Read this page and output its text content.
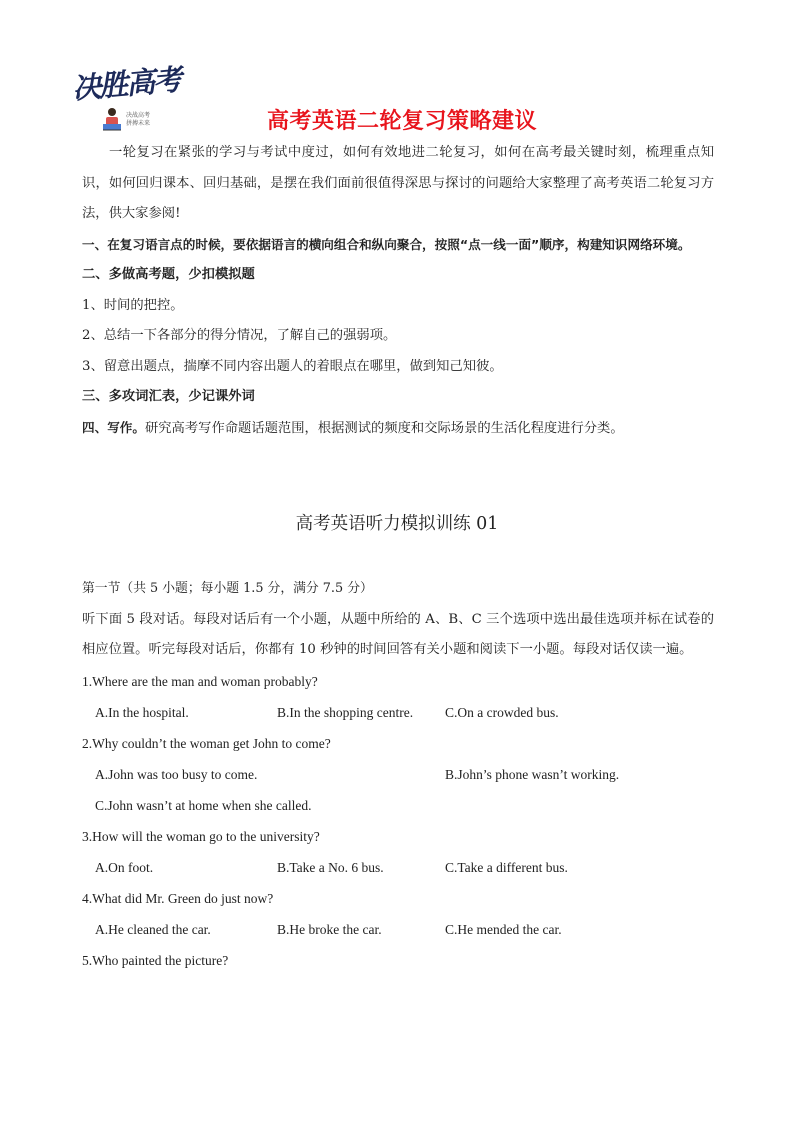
决胜高考
决战高考
拼搏未来	高考英语二轮复习策略建议
一轮复习在紧张的学习与考试中度过，如何有效地进二轮复习，如何在高考最关键时刻，梳理重点知识，如何回归课本、回归基础，是摆在我们面前很值得深思与探讨的问题给大家整理了高考英语二轮复习方法，供大家参阅!
一、在复习语言点的时候，要依据语言的横向组合和纵向聚合，按照“点一线一面”顺序，构建知识网络环境。
二、多做高考题，少扣模拟题
1、时间的把控。
2、总结一下各部分的得分情况，了解自己的强弱项。
3、留意出题点，揣摩不同内容出题人的着眼点在哪里，做到知己知彼。
三、多攻词汇表，少记课外词
四、写作。研究高考写作命题话题范围，根据测试的频度和交际场景的生活化程度进行分类。
高考英语听力模拟训练 01
第一节（共 5 小题；每小题 1.5 分，满分 7.5 分）
听下面 5 段对话。每段对话后有一个小题，从题中所给的 A、B、C 三个选项中选出最佳选项并标在试卷的相应位置。听完每段对话后，你都有 10 秒钟的时间回答有关小题和阅读下一小题。每段对话仅读一遍。
1.Where are the man and woman probably?
A.In the hospital.	B.In the shopping centre. C.On a crowded bus.
2.Why couldn’t the woman get John to come?
A.John was too busy to come.	B.John’s phone wasn’t working.
C.John wasn’t at home when she called.
3.How will the woman go to the university?
A.On foot.	B.Take a No. 6 bus.	C.Take a different bus.
4.What did Mr. Green do just now?
A.He cleaned the car.	B.He broke the car.	C.He mended the car.
5.Who painted the picture?
